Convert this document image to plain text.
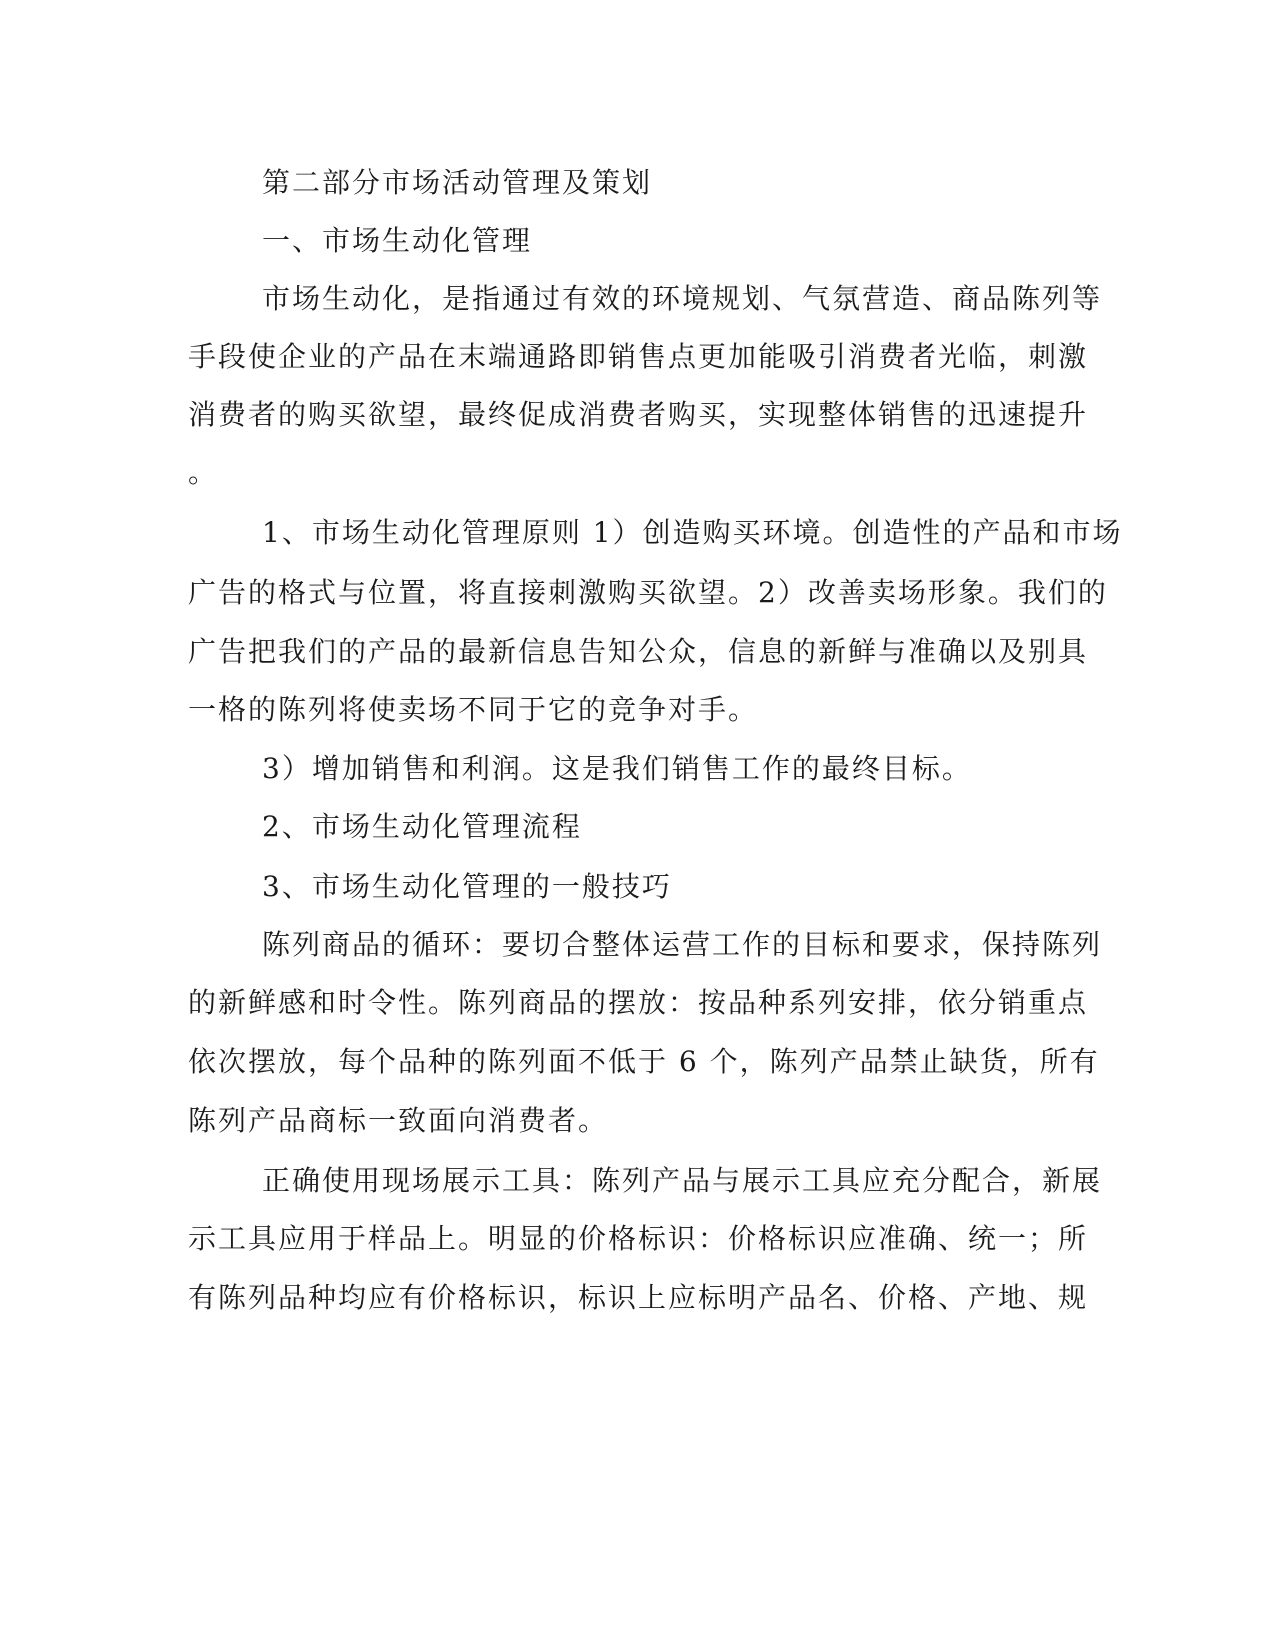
第二部分市场活动管理及策划
一、市场生动化管理
市场生动化，是指通过有效的环境规划、气氛营造、商品陈列等
手段使企业的产品在末端通路即销售点更加能吸引消费者光临，刺激
消费者的购买欲望，最终促成消费者购买，实现整体销售的迅速提升
。
1、市场生动化管理原则 1）创造购买环境。创造性的产品和市场
广告的格式与位置，将直接刺激购买欲望。2）改善卖场形象。我们的
广告把我们的产品的最新信息告知公众，信息的新鲜与准确以及别具
一格的陈列将使卖场不同于它的竞争对手。
3）增加销售和利润。这是我们销售工作的最终目标。
2、市场生动化管理流程
3、市场生动化管理的一般技巧
陈列商品的循环：要切合整体运营工作的目标和要求，保持陈列
的新鲜感和时令性。陈列商品的摆放：按品种系列安排，依分销重点
依次摆放，每个品种的陈列面不低于 6 个，陈列产品禁止缺货，所有
陈列产品商标一致面向消费者。
正确使用现场展示工具：陈列产品与展示工具应充分配合，新展
示工具应用于样品上。明显的价格标识：价格标识应准确、统一；所
有陈列品种均应有价格标识，标识上应标明产品名、价格、产地、规
